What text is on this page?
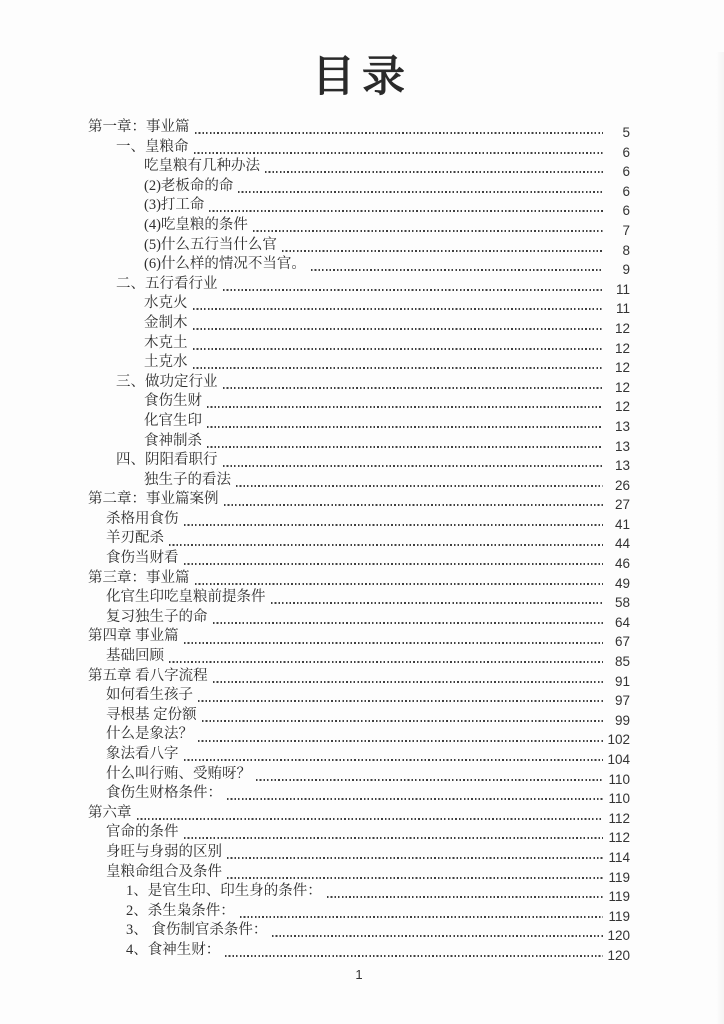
目录
第一章：事业篇	5
一、皇粮命	6
吃皇粮有几种办法	6
(2)老板命的命	6
(3)打工命	6
(4)吃皇粮的条件	7
(5)什么五行当什么官	8
(6)什么样的情况不当官。	9
二、五行看行业	11
水克火	11
金制木	12
木克土	12
土克水	12
三、做功定行业	12
食伤生财	12
化官生印	13
食神制杀	13
四、阴阳看职行	13
独生子的看法	26
第二章：事业篇案例	27
杀格用食伤	41
羊刃配杀	44
食伤当财看	46
第三章：事业篇	49
化官生印吃皇粮前提条件	58
复习独生子的命	64
第四章 事业篇	67
基础回顾	85
第五章 看八字流程	91
如何看生孩子	97
寻根基 定份额	99
什么是象法？	102
象法看八字	104
什么叫行贿、受贿呀？	110
食伤生财格条件：	110
第六章	112
官命的条件	112
身旺与身弱的区别	114
皇粮命组合及条件	119
1、是官生印、印生身的条件：	119
2、杀生枭条件：	119
3、 食伤制官杀条件：	120
4、食神生财：	120
1
